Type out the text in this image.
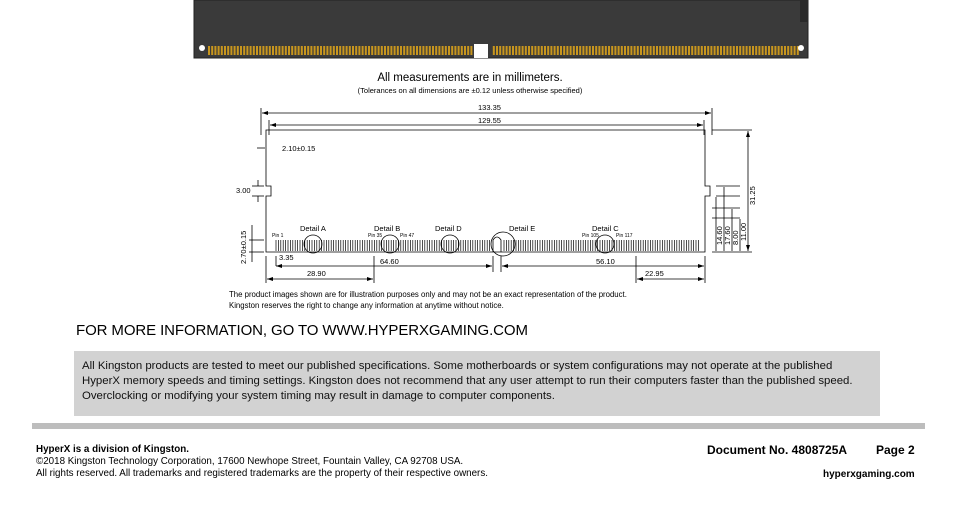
All measurements are in millimeters.
(Tolerances on all dimensions are ±0.12 unless otherwise specified)
133.35
129.55
2.10±0.15
3.00
2.70±0.15	3.35	64.60	56.10
28.90	22.95
31.25
14.60 17.60 8.00 11.00
Detail A	Detail B	Detail D	Detail E	Detail C
Pin 1	Pin 35	Pin 47	Pin 105	Pin 117
The product images shown are for illustration purposes only and may not be an exact representation of the product.
Kingston reserves the right to change any information at anytime without notice.
FOR MORE INFORMATION, GO TO WWW.HYPERXGAMING.COM
All Kingston products are tested to meet our published specifications. Some motherboards or system configurations may not operate at the published HyperX memory speeds and timing settings. Kingston does not recommend that any user attempt to run their computers faster than the published speed. Overclocking or modifying your system timing may result in damage to computer components.
HyperX is a division of Kingston.
©2018 Kingston Technology Corporation, 17600 Newhope Street, Fountain Valley, CA 92708 USA.
All rights reserved. All trademarks and registered trademarks are the property of their respective owners.
Document No. 4808725A Page 2
hyperxgaming.com
